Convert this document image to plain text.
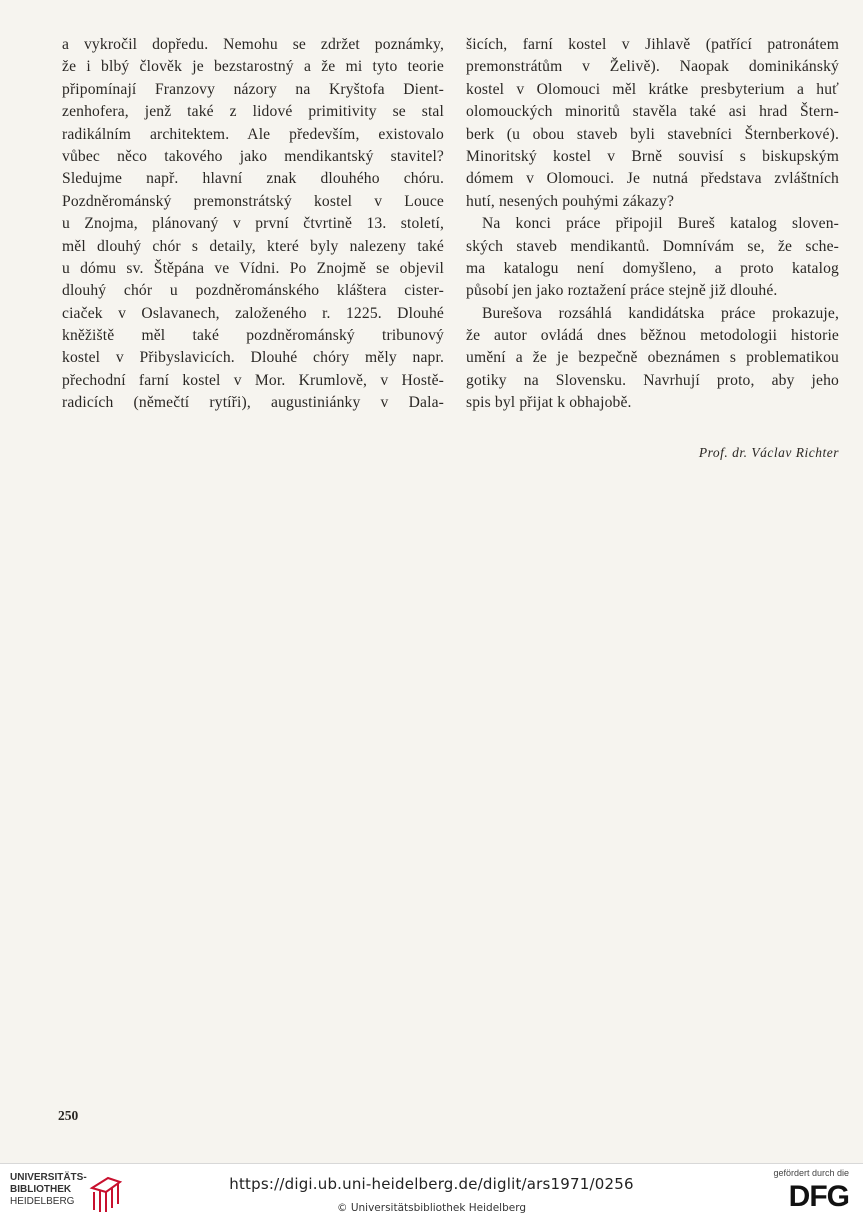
a vykročil dopředu. Nemohu se zdržet poznámky,
že i blbý člověk je bezstarostný a že mi tyto teorie
připomínají Franzovy názory na Kryštofa Dient-
zenhofera, jenž také z lidové primitivity se stal
radikálním architektem. Ale především, existovalo
vůbec něco takového jako mendikantský stavitel?
Sledujme např. hlavní znak dlouhého chóru.
Pozdněrománský premonstrátský kostel v Louce
u Znojma, plánovaný v první čtvrtině 13. století,
měl dlouhý chór s detaily, které byly nalezeny také
u dómu sv. Štěpána ve Vídni. Po Znojmě se objevil
dlouhý chór u pozdněrománského kláštera cister-
ciaček v Oslavanech, založeného r. 1225. Dlouhé
kněžiště měl také pozdněrománský tribunový
kostel v Přibyslavicích. Dlouhé chóry měly napr.
přechodní farní kostel v Mor. Krumlově, v Hostě-
radicích (němečtí rytíři), augustiniánky v Dala-
šicích, farní kostel v Jihlavě (patřící patronátem
premonstrátům v Želivě). Naopak dominikánský
kostel v Olomouci měl krátke presbyterium a huť
olomouckých minoritů stavěla také asi hrad Štern-
berk (u obou staveb byli stavebníci Šternberkové).
Minoritský kostel v Brně souvisí s biskupským
dómem v Olomouci. Je nutná představa zvláštních
hutí, nesených pouhými zákazy?
Na konci práce připojil Bureš katalog sloven-
ských staveb mendikantů. Domnívám se, že sche-
ma katalogu není domyšleno, a proto katalog
působí jen jako roztažení práce stejně již dlouhé.
Burešova rozsáhlá kandidátska práce prokazuje,
že autor ovládá dnes běžnou metodologii historie
umění a že je bezpečně obeznámen s problematikou
gotiky na Slovensku. Navrhují proto, aby jeho
spis byl přijat k obhajobě.
Prof. dr. Václav Richter
250
UNIVERSITÄTS-
BIBLIOTHEK
HEIDELBERG
https://digi.ub.uni-heidelberg.de/diglit/ars1971/0256
© Universitätsbibliothek Heidelberg
gefördert durch die
DFG
